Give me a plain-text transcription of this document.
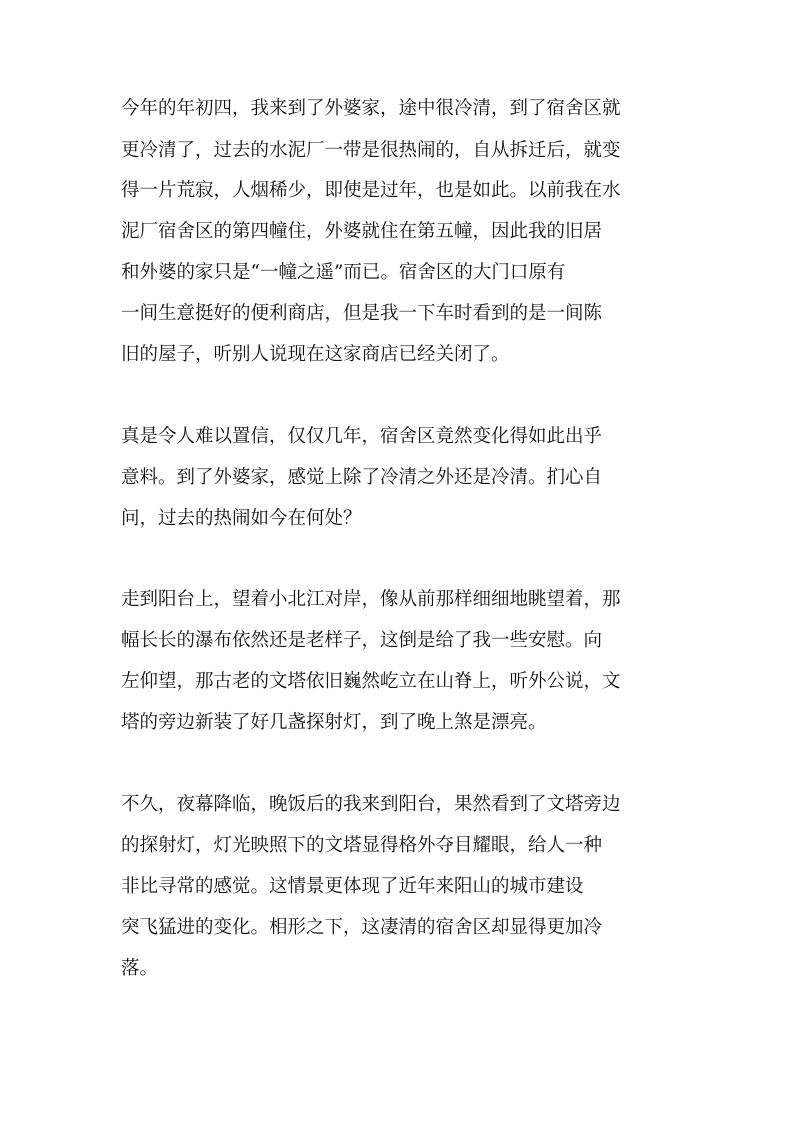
今年的年初四，我来到了外婆家，途中很冷清，到了宿舍区就
更冷清了，过去的水泥厂一带是很热闹的，自从拆迁后，就变
得一片荒寂，人烟稀少，即使是过年，也是如此。以前我在水
泥厂宿舍区的第四幢住，外婆就住在第五幢，因此我的旧居
和外婆的家只是“一幢之遥”而已。宿舍区的大门口原有
一间生意挺好的便利商店，但是我一下车时看到的是一间陈
旧的屋子，听别人说现在这家商店已经关闭了。
真是令人难以置信，仅仅几年，宿舍区竟然变化得如此出乎
意料。到了外婆家，感觉上除了冷清之外还是冷清。扪心自
问，过去的热闹如今在何处？
走到阳台上，望着小北江对岸，像从前那样细细地眺望着，那
幅长长的瀑布依然还是老样子，这倒是给了我一些安慰。向
左仰望，那古老的文塔依旧巍然屹立在山脊上，听外公说，文
塔的旁边新装了好几盏探射灯，到了晚上煞是漂亮。
不久，夜幕降临，晚饭后的我来到阳台，果然看到了文塔旁边
的探射灯，灯光映照下的文塔显得格外夺目耀眼，给人一种
非比寻常的感觉。这情景更体现了近年来阳山的城市建设
突飞猛进的变化。相形之下，这凄清的宿舍区却显得更加冷
落。
